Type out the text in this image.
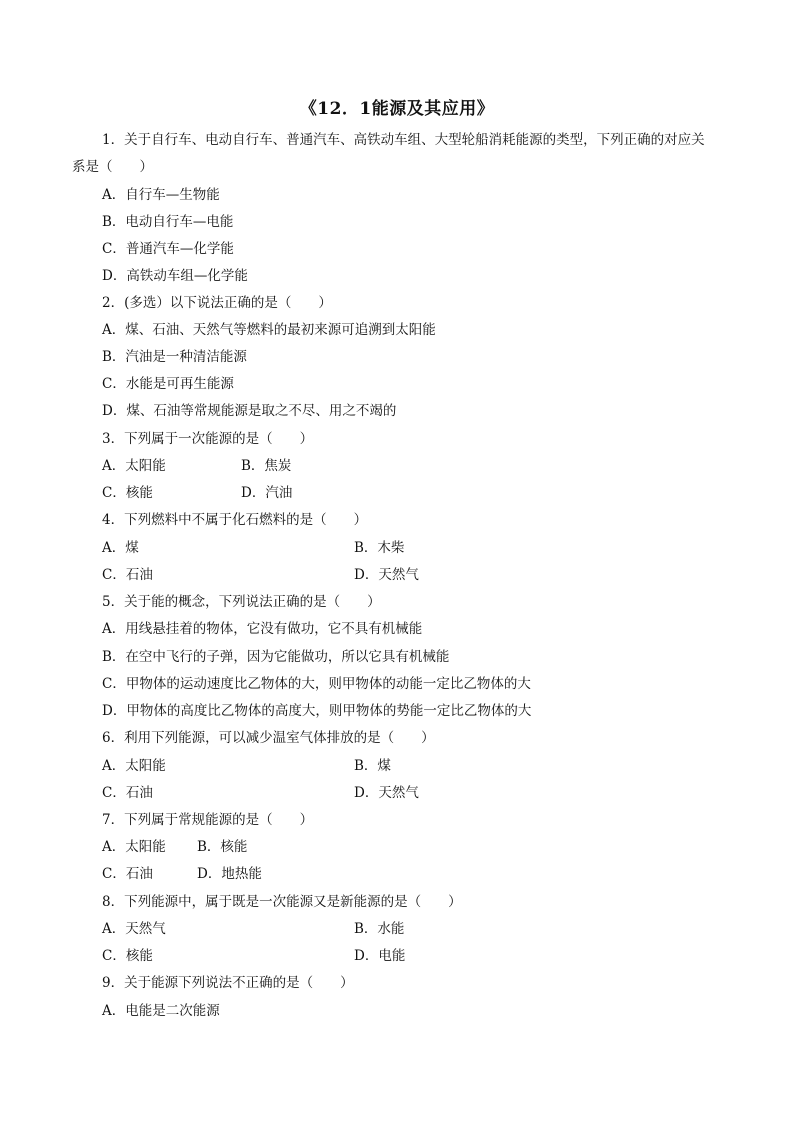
《12．1能源及其应用》
1．关于自行车、电动自行车、普通汽车、高铁动车组、大型轮船消耗能源的类型，下列正确的对应关
系是（　　）
A．自行车—生物能
B．电动自行车—电能
C．普通汽车—化学能
D．高铁动车组—化学能
2．(多选）以下说法正确的是（　　）
A．煤、石油、天然气等燃料的最初来源可追溯到太阳能
B．汽油是一种清洁能源
C．水能是可再生能源
D．煤、石油等常规能源是取之不尽、用之不竭的
3．下列属于一次能源的是（　　）
A．太阳能	B．焦炭
C．核能	D．汽油
4．下列燃料中不属于化石燃料的是（　　）
A．煤	B．木柴
C．石油	D．天然气
5．关于能的概念，下列说法正确的是（　　）
A．用线悬挂着的物体，它没有做功，它不具有机械能
B．在空中飞行的子弹，因为它能做功，所以它具有机械能
C．甲物体的运动速度比乙物体的大，则甲物体的动能一定比乙物体的大
D．甲物体的高度比乙物体的高度大，则甲物体的势能一定比乙物体的大
6．利用下列能源，可以减少温室气体排放的是（　　）
A．太阳能	B．煤
C．石油	D．天然气
7．下列属于常规能源的是（　　）
A．太阳能 B．核能
C．石油	D．地热能
8．下列能源中，属于既是一次能源又是新能源的是（　　）
A．天然气	B．水能
C．核能	D．电能
9．关于能源下列说法不正确的是（　　）
A．电能是二次能源
